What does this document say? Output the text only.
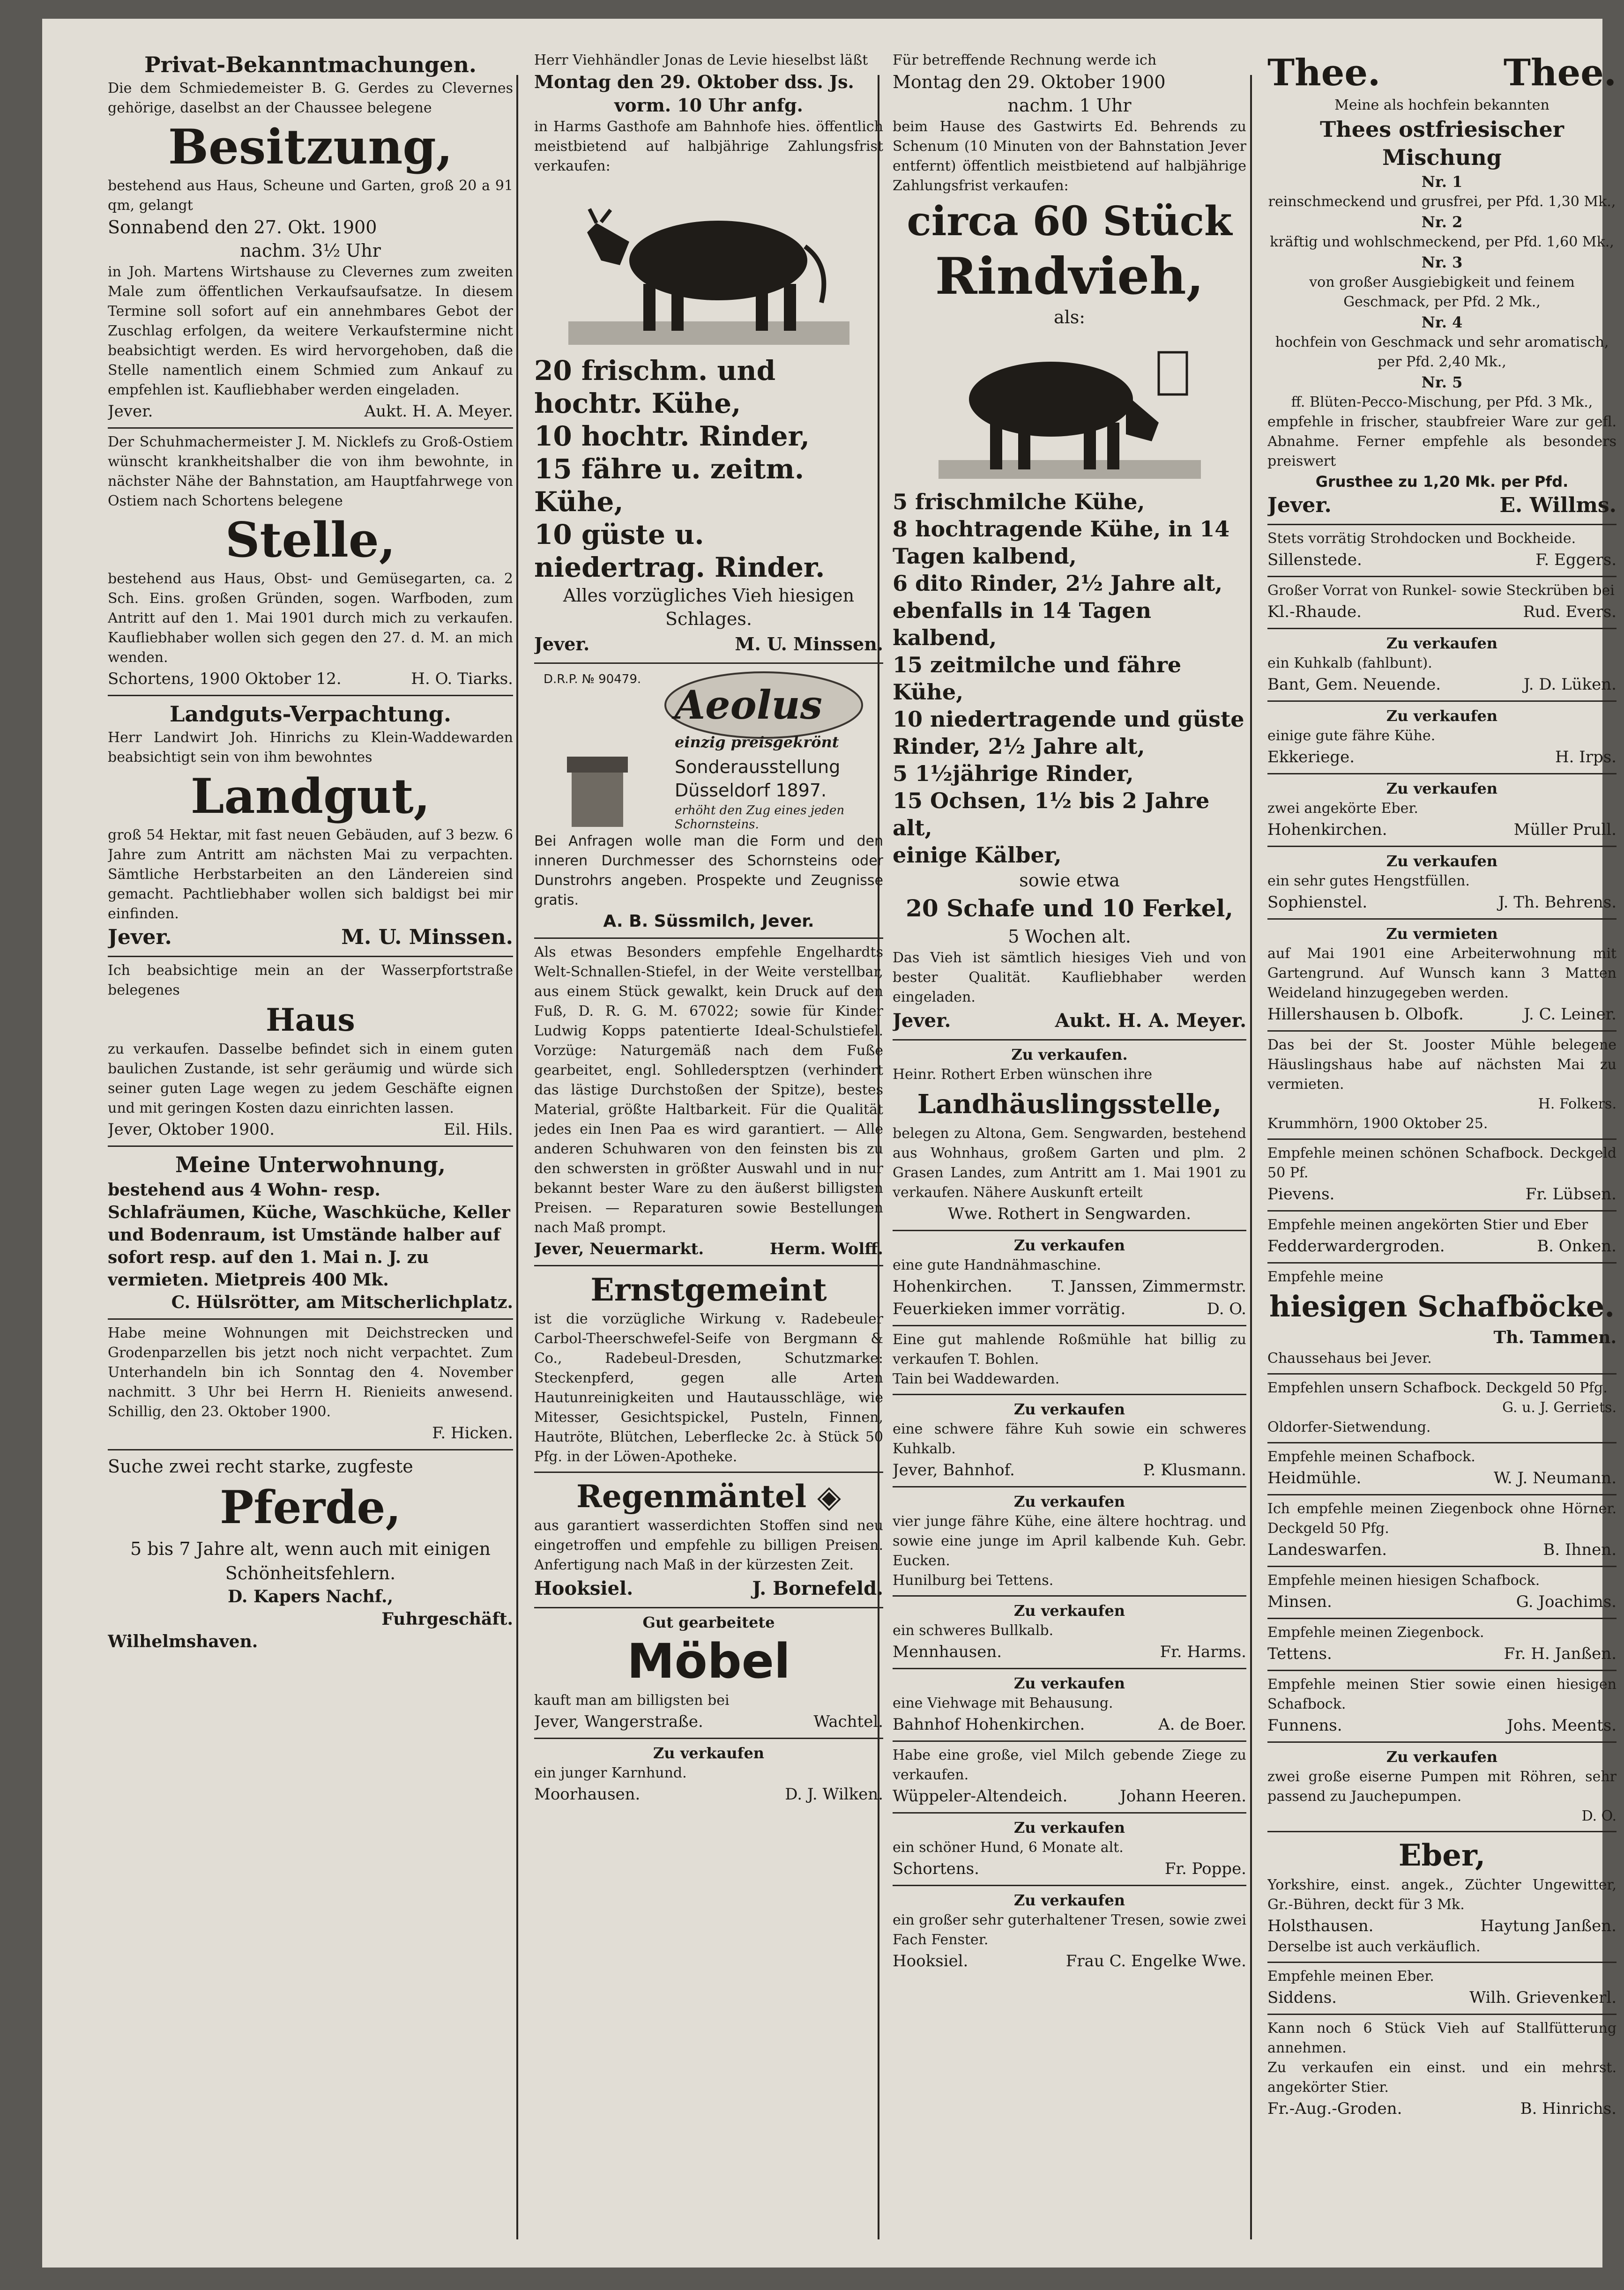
Privat-Bekanntmachungen.

Die dem Schmiedemeister B. G. Gerdes zu Clevernes gehörige, daselbst an der Chaussee belegene

Besitzung,

bestehend aus Haus, Scheune und Garten, groß 20 a 91 qm, gelangt

Sonnabend den 27. Okt. 1900

nachm. 3½ Uhr

in Joh. Martens Wirtshause zu Clevernes zum zweiten Male zum öffentlichen Verkaufsaufsatze. In diesem Termine soll sofort auf ein annehmbares Gebot der Zuschlag erfolgen, da weitere Verkaufstermine nicht beabsichtigt werden. Es wird hervorgehoben, daß die Stelle namentlich einem Schmied zum Ankauf zu empfehlen ist. Kaufliebhaber werden eingeladen.

Jever.	Aukt. H. A. Meyer.

Der Schuhmachermeister J. M. Nicklefs zu Groß-Ostiem wünscht krankheitshalber die von ihm bewohnte, in nächster Nähe der Bahnstation, am Hauptfahrwege von Ostiem nach Schortens belegene

Stelle,

bestehend aus Haus, Obst- und Gemüsegarten, ca. 2 Sch. Eins. großen Gründen, sogen. Warfboden, zum Antritt auf den 1. Mai 1901 durch mich zu verkaufen. Kaufliebhaber wollen sich gegen den 27. d. M. an mich wenden.

Schortens, 1900 Oktober 12.	H. O. Tiarks.

Landguts-Verpachtung.

Herr Landwirt Joh. Hinrichs zu Klein-Waddewarden beabsichtigt sein von ihm bewohntes

Landgut,

groß 54 Hektar, mit fast neuen Gebäuden, auf 3 bezw. 6 Jahre zum Antritt am nächsten Mai zu verpachten. Sämtliche Herbstarbeiten an den Ländereien sind gemacht. Pachtliebhaber wollen sich baldigst bei mir einfinden.

Jever.	M. U. Minssen.

Ich beabsichtige mein an der Wasserpfortstraße belegenes

Haus

zu verkaufen. Dasselbe befindet sich in einem guten baulichen Zustande, ist sehr geräumig und würde sich seiner guten Lage wegen zu jedem Geschäfte eignen und mit geringen Kosten dazu einrichten lassen.

Jever, Oktober 1900.	Eil. Hils.

Meine Unterwohnung,

bestehend aus 4 Wohn- resp. Schlafräumen, Küche, Waschküche, Keller und Bodenraum, ist Umstände halber auf sofort resp. auf den 1. Mai n. J. zu vermieten. Mietpreis 400 Mk.

C. Hülsrötter, am Mitscherlichplatz.

Habe meine Wohnungen mit Deichstrecken und Grodenparzellen bis jetzt noch nicht verpachtet. Zum Unterhandeln bin ich Sonntag den 4. November nachmitt. 3 Uhr bei Herrn H. Rienieits anwesend. Schillig, den 23. Oktober 1900.

F. Hicken.

Suche zwei recht starke, zugfeste

Pferde,

5 bis 7 Jahre alt, wenn auch mit einigen Schönheitsfehlern.

D. Kapers Nachf.,

Fuhrgeschäft.

Wilhelmshaven.

Herr Viehhändler Jonas de Levie hieselbst läßt

Montag den 29. Oktober dss. Js.

vorm. 10 Uhr anfg.

in Harms Gasthofe am Bahnhofe hies. öffentlich meistbietend auf halbjährige Zahlungsfrist verkaufen:

20 frischm. und hochtr. Kühe,

10 hochtr. Rinder,

15 fähre u. zeitm. Kühe,

10 güste u. niedertrag. Rinder.

Alles vorzügliches Vieh hiesigen Schlages.

Jever.	M. U. Minssen.
D.R.P. № 90479.
Aeolus
einzig preisgekrönt
Sonderausstellung
Düsseldorf 1897.
erhöht den Zug eines jeden Schornsteins.

Bei Anfragen wolle man die Form und den inneren Durchmesser des Schornsteins oder Dunstrohrs angeben. Prospekte und Zeugnisse gratis.

A. B. Süssmilch, Jever.

Als etwas Besonders empfehle Engelhardts Welt-Schnallen-Stiefel, in der Weite verstellbar, aus einem Stück gewalkt, kein Druck auf den Fuß, D. R. G. M. 67022; sowie für Kinder Ludwig Kopps patentierte Ideal-Schulstiefel. Vorzüge: Naturgemäß nach dem Fuße gearbeitet, engl. Sohlledersptzen (verhindert das lästige Durchstoßen der Spitze), bestes Material, größte Haltbarkeit. Für die Qualität jedes ein Inen Paa es wird garantiert. — Alle anderen Schuhwaren von den feinsten bis zu den schwersten in größter Auswahl und in nur bekannt bester Ware zu den äußerst billigsten Preisen. — Reparaturen sowie Bestellungen nach Maß prompt.

Jever, Neuermarkt.	Herm. Wolff.

Ernstgemeint

ist die vorzügliche Wirkung v. Radebeuler Carbol-Theerschwefel-Seife von Bergmann & Co., Radebeul-Dresden, Schutzmarke: Steckenpferd, gegen alle Arten Hautunreinigkeiten und Hautausschläge, wie Mitesser, Gesichtspickel, Pusteln, Finnen, Hautröte, Blütchen, Leberflecke 2c. à Stück 50 Pfg. in der Löwen-Apotheke.

Regenmäntel ◈

aus garantiert wasserdichten Stoffen sind neu eingetroffen und empfehle zu billigen Preisen. Anfertigung nach Maß in der kürzesten Zeit.

Hooksiel.	J. Bornefeld.

Gut gearbeitete

Möbel

kauft man am billigsten bei

Jever, Wangerstraße.	Wachtel.

Zu verkaufen

ein junger Karnhund.

Moorhausen.	D. J. Wilken.

Für betreffende Rechnung werde ich

Montag den 29. Oktober 1900

nachm. 1 Uhr

beim Hause des Gastwirts Ed. Behrends zu Schenum (10 Minuten von der Bahnstation Jever entfernt) öffentlich meistbietend auf halbjährige Zahlungsfrist verkaufen:

circa 60 Stück

Rindvieh,

als:

5 frischmilche Kühe,

8 hochtragende Kühe, in 14 Tagen kalbend,

6 dito Rinder, 2½ Jahre alt, ebenfalls in 14 Tagen kalbend,

15 zeitmilche und fähre Kühe,

10 niedertragende und güste Rinder, 2½ Jahre alt,

5 1½jährige Rinder,

15 Ochsen, 1½ bis 2 Jahre alt,

einige Kälber,

sowie etwa

20 Schafe und 10 Ferkel,

5 Wochen alt.

Das Vieh ist sämtlich hiesiges Vieh und von bester Qualität. Kaufliebhaber werden eingeladen.

Jever.	Aukt. H. A. Meyer.

Zu verkaufen.

Heinr. Rothert Erben wünschen ihre

Landhäuslingsstelle,

belegen zu Altona, Gem. Sengwarden, bestehend aus Wohnhaus, großem Garten und plm. 2 Grasen Landes, zum Antritt am 1. Mai 1901 zu verkaufen. Nähere Auskunft erteilt

Wwe. Rothert in Sengwarden.

Zu verkaufen

eine gute Handnähmaschine.

Hohenkirchen. T. Janssen, Zimmermstr.
Feuerkieken immer vorrätig.	D. O.

Eine gut mahlende Roßmühle hat billig zu verkaufen T. Bohlen.

Tain bei Waddewarden.

Zu verkaufen

eine schwere fähre Kuh sowie ein schweres Kuhkalb.

Jever, Bahnhof.	P. Klusmann.

Zu verkaufen

vier junge fähre Kühe, eine ältere hochtrag. und sowie eine junge im April kalbende Kuh. Gebr. Eucken.

Hunilburg bei Tettens.

Zu verkaufen

ein schweres Bullkalb.

Mennhausen.	Fr. Harms.

Zu verkaufen

eine Viehwage mit Behausung.

Bahnhof Hohenkirchen.	A. de Boer.

Habe eine große, viel Milch gebende Ziege zu verkaufen.

Wüppeler-Altendeich.	Johann Heeren.

Zu verkaufen

ein schöner Hund, 6 Monate alt.

Schortens.	Fr. Poppe.

Zu verkaufen

ein großer sehr guterhaltener Tresen, sowie zwei Fach Fenster.

Hooksiel.	Frau C. Engelke Wwe.
Thee.	Thee.

Meine als hochfein bekannten

Thees ostfriesischer Mischung

Nr. 1

reinschmeckend und grusfrei, per Pfd. 1,30 Mk.,

Nr. 2

kräftig und wohlschmeckend, per Pfd. 1,60 Mk.,

Nr. 3

von großer Ausgiebigkeit und feinem Geschmack, per Pfd. 2 Mk.,

Nr. 4

hochfein von Geschmack und sehr aromatisch, per Pfd. 2,40 Mk.,

Nr. 5

ff. Blüten-Pecco-Mischung, per Pfd. 3 Mk.,

empfehle in frischer, staubfreier Ware zur gefl. Abnahme. Ferner empfehle als besonders preiswert

Grusthee zu 1,20 Mk. per Pfd.

Jever.	E. Willms.

Stets vorrätig Strohdocken und Bockheide.

Sillenstede.	F. Eggers.

Großer Vorrat von Runkel- sowie Steckrüben bei

Kl.-Rhaude.	Rud. Evers.

Zu verkaufen

ein Kuhkalb (fahlbunt).

Bant, Gem. Neuende.	J. D. Lüken.

Zu verkaufen

einige gute fähre Kühe.

Ekkeriege.	H. Irps.

Zu verkaufen

zwei angekörte Eber.

Hohenkirchen.	Müller Prull.

Zu verkaufen

ein sehr gutes Hengstfüllen.

Sophienstel.	J. Th. Behrens.

Zu vermieten

auf Mai 1901 eine Arbeiterwohnung mit Gartengrund. Auf Wunsch kann 3 Matten Weideland hinzugegeben werden.

Hillershausen b. Olbofk.	J. C. Leiner.

Das bei der St. Jooster Mühle belegene Häuslingshaus habe auf nächsten Mai zu vermieten.

H. Folkers.

Krummhörn, 1900 Oktober 25.

Empfehle meinen schönen Schafbock. Deckgeld 50 Pf.

Pievens.	Fr. Lübsen.

Empfehle meinen angekörten Stier und Eber

Fedderwardergroden.	B. Onken.

Empfehle meine

hiesigen Schafböcke.

Th. Tammen.

Chaussehaus bei Jever.

Empfehlen unsern Schafbock. Deckgeld 50 Pfg.

G. u. J. Gerriets.

Oldorfer-Sietwendung.

Empfehle meinen Schafbock.

Heidmühle.	W. J. Neumann.

Ich empfehle meinen Ziegenbock ohne Hörner. Deckgeld 50 Pfg.

Landeswarfen.	B. Ihnen.

Empfehle meinen hiesigen Schafbock.

Minsen.	G. Joachims.

Empfehle meinen Ziegenbock.

Tettens.	Fr. H. Janßen.

Empfehle meinen Stier sowie einen hiesigen Schafbock.

Funnens.	Johs. Meents.

Zu verkaufen

zwei große eiserne Pumpen mit Röhren, sehr passend zu Jauchepumpen.

D. O.

Eber,

Yorkshire, einst. angek., Züchter Ungewitter, Gr.-Bühren, deckt für 3 Mk.

Holsthausen.	Haytung Janßen.

Derselbe ist auch verkäuflich.

Empfehle meinen Eber.

Siddens.	Wilh. Grievenkerl.

Kann noch 6 Stück Vieh auf Stallfütterung annehmen.

Zu verkaufen ein einst. und ein mehrst. angekörter Stier.

Fr.-Aug.-Groden.	B. Hinrichs.
